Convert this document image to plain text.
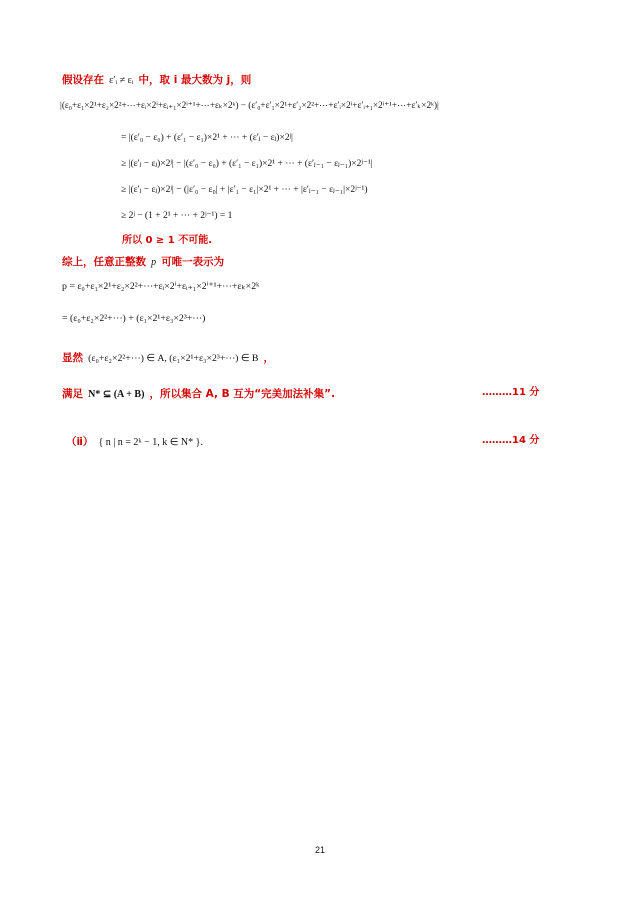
假设存在 ε′ᵢ ≠ εᵢ 中，取 i 最大数为 j，则
|(ε₀+ε₁×2¹+ε₂×2²+⋯+εᵢ×2ⁱ+εᵢ₊₁×2ⁱ⁺¹+⋯+εₖ×2ᵏ) − (ε′₀+ε′₁×2¹+ε′₂×2²+⋯+ε′ᵢ×2ⁱ+ε′ᵢ₊₁×2ⁱ⁺¹+⋯+ε′ₖ×2ᵏ)|
= |(ε′₀ − ε₀) + (ε′₁ − ε₁)×2¹ + ⋯ + (ε′ⱼ − εⱼ)×2ʲ|
≥ |(ε′ⱼ − εⱼ)×2ʲ| − |(ε′₀ − ε₀) + (ε′₁ − ε₁)×2¹ + ⋯ + (ε′ⱼ₋₁ − εⱼ₋₁)×2ʲ⁻¹|
≥ |(ε′ⱼ − εⱼ)×2ʲ| − (|ε′₀ − ε₀| + |ε′₁ − ε₁|×2¹ + ⋯ + |ε′ⱼ₋₁ − εⱼ₋₁|×2ʲ⁻¹)
≥ 2ʲ − (1 + 2¹ + ⋯ + 2ʲ⁻¹) = 1
所以 0 ≥ 1 不可能.
综上，任意正整数 p 可唯一表示为
p = ε₀+ε₁×2¹+ε₂×2²+⋯+εᵢ×2ⁱ+εᵢ₊₁×2ⁱ⁺¹+⋯+εₖ×2ᵏ
= (ε₀+ε₂×2²+⋯) + (ε₁×2¹+ε₃×2³+⋯)
显然 (ε₀+ε₂×2²+⋯) ∈ A, (ε₁×2¹+ε₃×2³+⋯) ∈ B ，
满足 N* ⊆ (A + B) ，所以集合 A, B 互为“完美加法补集”.	………11 分
（ⅱ） { n | n = 2ᵏ − 1, k ∈ N* }.	………14 分
21
